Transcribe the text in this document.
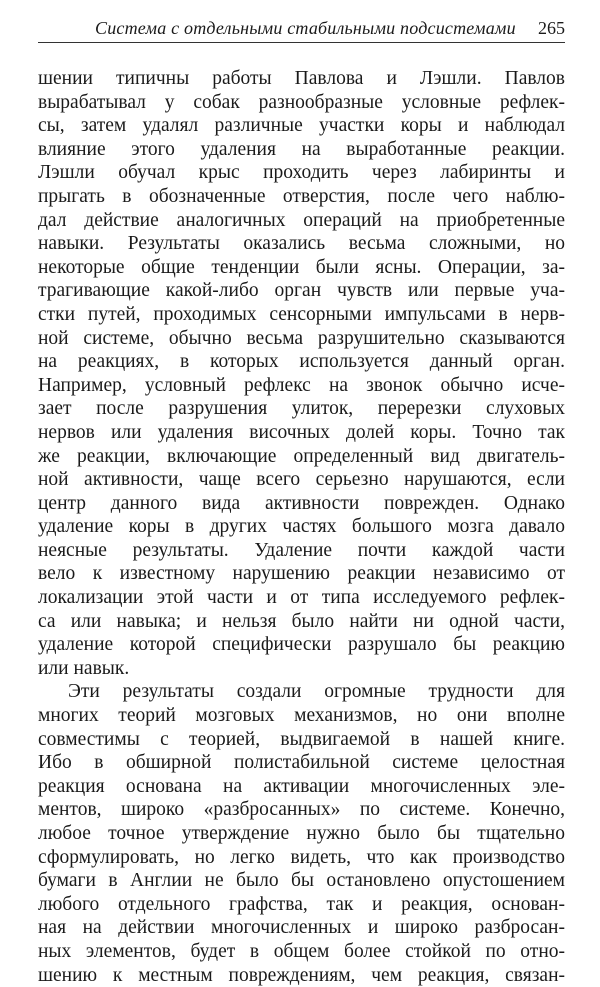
Система с отдельными стабильными подсистемами 265
шении типичны работы Павлова и Лэшли. Павлов
вырабатывал у собак разнообразные условные рефлек-
сы, затем удалял различные участки коры и наблюдал
влияние этого удаления на выработанные реакции.
Лэшли обучал крыс проходить через лабиринты и
прыгать в обозначенные отверстия, после чего наблю-
дал действие аналогичных операций на приобретенные
навыки. Результаты оказались весьма сложными, но
некоторые общие тенденции были ясны. Операции, за-
трагивающие какой-либо орган чувств или первые уча-
стки путей, проходимых сенсорными импульсами в нерв-
ной системе, обычно весьма разрушительно сказываются
на реакциях, в которых используется данный орган.
Например, условный рефлекс на звонок обычно исче-
зает после разрушения улиток, перерезки слуховых
нервов или удаления височных долей коры. Точно так
же реакции, включающие определенный вид двигатель-
ной активности, чаще всего серьезно нарушаются, если
центр данного вида активности поврежден. Однако
удаление коры в других частях большого мозга давало
неясные результаты. Удаление почти каждой части
вело к известному нарушению реакции независимо от
локализации этой части и от типа исследуемого рефлек-
са или навыка; и нельзя было найти ни одной части,
удаление которой специфически разрушало бы реакцию
или навык.
Эти результаты создали огромные трудности для
многих теорий мозговых механизмов, но они вполне
совместимы с теорией, выдвигаемой в нашей книге.
Ибо в обширной полистабильной системе целостная
реакция основана на активации многочисленных эле-
ментов, широко «разбросанных» по системе. Конечно,
любое точное утверждение нужно было бы тщательно
сформулировать, но легко видеть, что как производство
бумаги в Англии не было бы остановлено опустошением
любого отдельного графства, так и реакция, основан-
ная на действии многочисленных и широко разбросан-
ных элементов, будет в общем более стойкой по отно-
шению к местным повреждениям, чем реакция, связан-
